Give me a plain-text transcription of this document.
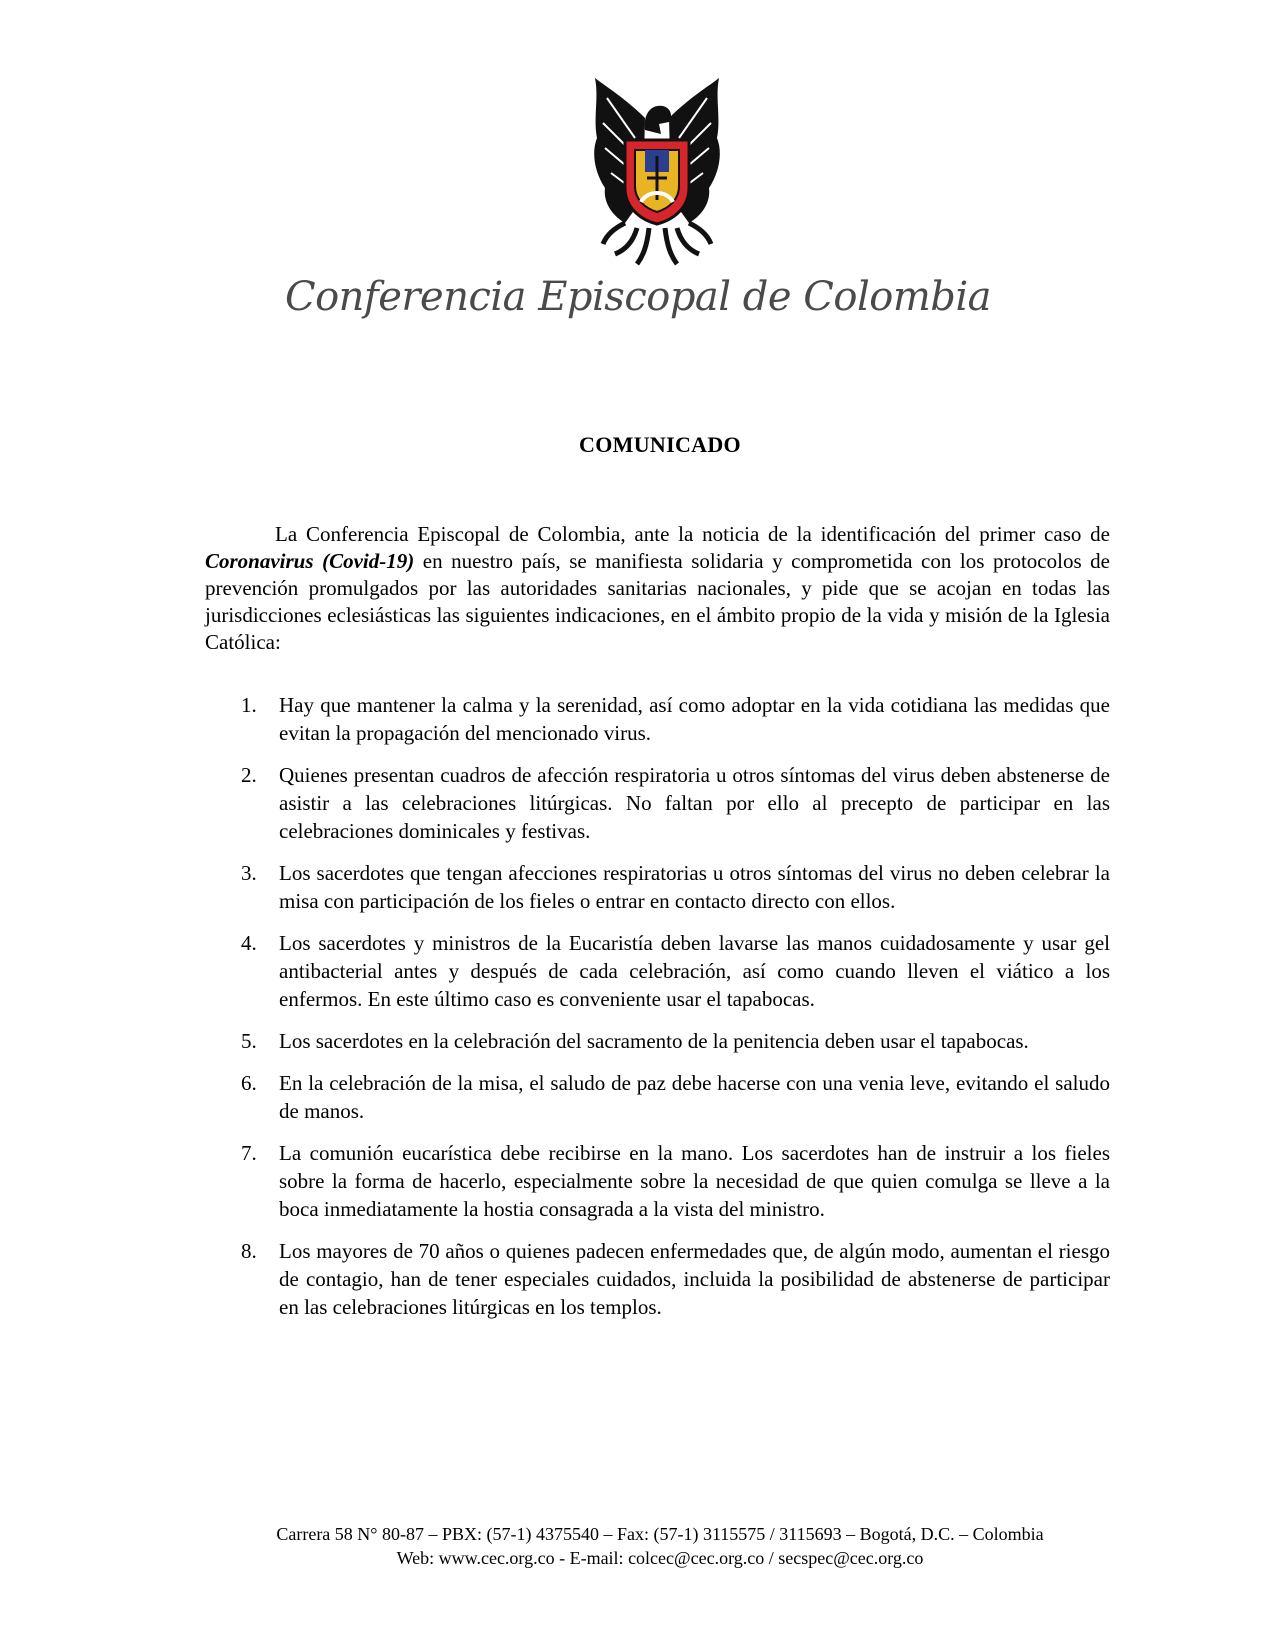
Conferencia Episcopal de Colombia
COMUNICADO

La Conferencia Episcopal de Colombia, ante la noticia de la identificación del primer caso de Coronavirus (Covid-19) en nuestro país, se manifiesta solidaria y comprometida con los protocolos de prevención promulgados por las autoridades sanitarias nacionales, y pide que se acojan en todas las jurisdicciones eclesiásticas las siguientes indicaciones, en el ámbito propio de la vida y misión de la Iglesia Católica:

1. Hay que mantener la calma y la serenidad, así como adoptar en la vida cotidiana las medidas que evitan la propagación del mencionado virus.
2. Quienes presentan cuadros de afección respiratoria u otros síntomas del virus deben abstenerse de asistir a las celebraciones litúrgicas. No faltan por ello al precepto de participar en las celebraciones dominicales y festivas.
3. Los sacerdotes que tengan afecciones respiratorias u otros síntomas del virus no deben celebrar la misa con participación de los fieles o entrar en contacto directo con ellos.
4. Los sacerdotes y ministros de la Eucaristía deben lavarse las manos cuidadosamente y usar gel antibacterial antes y después de cada celebración, así como cuando lleven el viático a los enfermos. En este último caso es conveniente usar el tapabocas.
5. Los sacerdotes en la celebración del sacramento de la penitencia deben usar el tapabocas.
6. En la celebración de la misa, el saludo de paz debe hacerse con una venia leve, evitando el saludo de manos.
7. La comunión eucarística debe recibirse en la mano. Los sacerdotes han de instruir a los fieles sobre la forma de hacerlo, especialmente sobre la necesidad de que quien comulga se lleve a la boca inmediatamente la hostia consagrada a la vista del ministro.
8. Los mayores de 70 años o quienes padecen enfermedades que, de algún modo, aumentan el riesgo de contagio, han de tener especiales cuidados, incluida la posibilidad de abstenerse de participar en las celebraciones litúrgicas en los templos.
Carrera 58 N° 80-87 – PBX: (57-1) 4375540 – Fax: (57-1) 3115575 / 3115693 – Bogotá, D.C. – Colombia
Web: www.cec.org.co - E-mail: colcec@cec.org.co / secspec@cec.org.co
